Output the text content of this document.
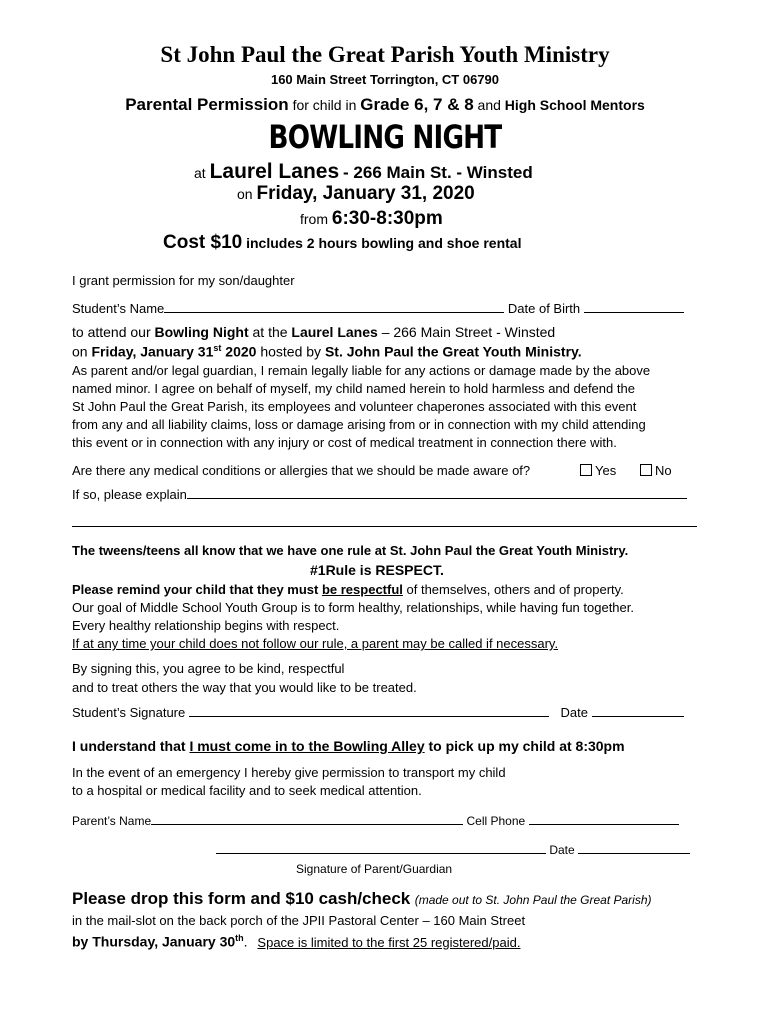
St John Paul the Great Parish Youth Ministry
160 Main Street Torrington, CT 06790
Parental Permission for child in Grade 6, 7 & 8 and High School Mentors
BOWLING NIGHT
at Laurel Lanes - 266 Main St. - Winsted
on Friday, January 31, 2020
from 6:30-8:30pm
Cost $10 includes 2 hours bowling and shoe rental
I grant permission for my son/daughter
Student’s Name	Date of Birth
to attend our Bowling Night at the Laurel Lanes – 266 Main Street - Winsted
on Friday, January 31st 2020 hosted by St. John Paul the Great Youth Ministry.
As parent and/or legal guardian, I remain legally liable for any actions or damage made by the above
named minor. I agree on behalf of myself, my child named herein to hold harmless and defend the
St John Paul the Great Parish, its employees and volunteer chaperones associated with this event
from any and all liability claims, loss or damage arising from or in connection with my child attending
this event or in connection with any injury or cost of medical treatment in connection there with.
Are there any medical conditions or allergies that we should be made aware of?	Yes	No
If so, please explain
The tweens/teens all know that we have one rule at St. John Paul the Great Youth Ministry.
#1Rule is RESPECT.
Please remind your child that they must be respectful of themselves, others and of property.
Our goal of Middle School Youth Group is to form healthy, relationships, while having fun together.
Every healthy relationship begins with respect.
If at any time your child does not follow our rule, a parent may be called if necessary.
By signing this, you agree to be kind, respectful
and to treat others the way that you would like to be treated.
Student’s Signature	Date
I understand that I must come in to the Bowling Alley to pick up my child at 8:30pm
In the event of an emergency I hereby give permission to transport my child
to a hospital or medical facility and to seek medical attention.
Parent’s Name	Cell Phone
Date
Signature of Parent/Guardian
Please drop this form and $10 cash/check (made out to St. John Paul the Great Parish)
in the mail-slot on the back porch of the JPII Pastoral Center – 160 Main Street
by Thursday, January 30th. Space is limited to the first 25 registered/paid.
